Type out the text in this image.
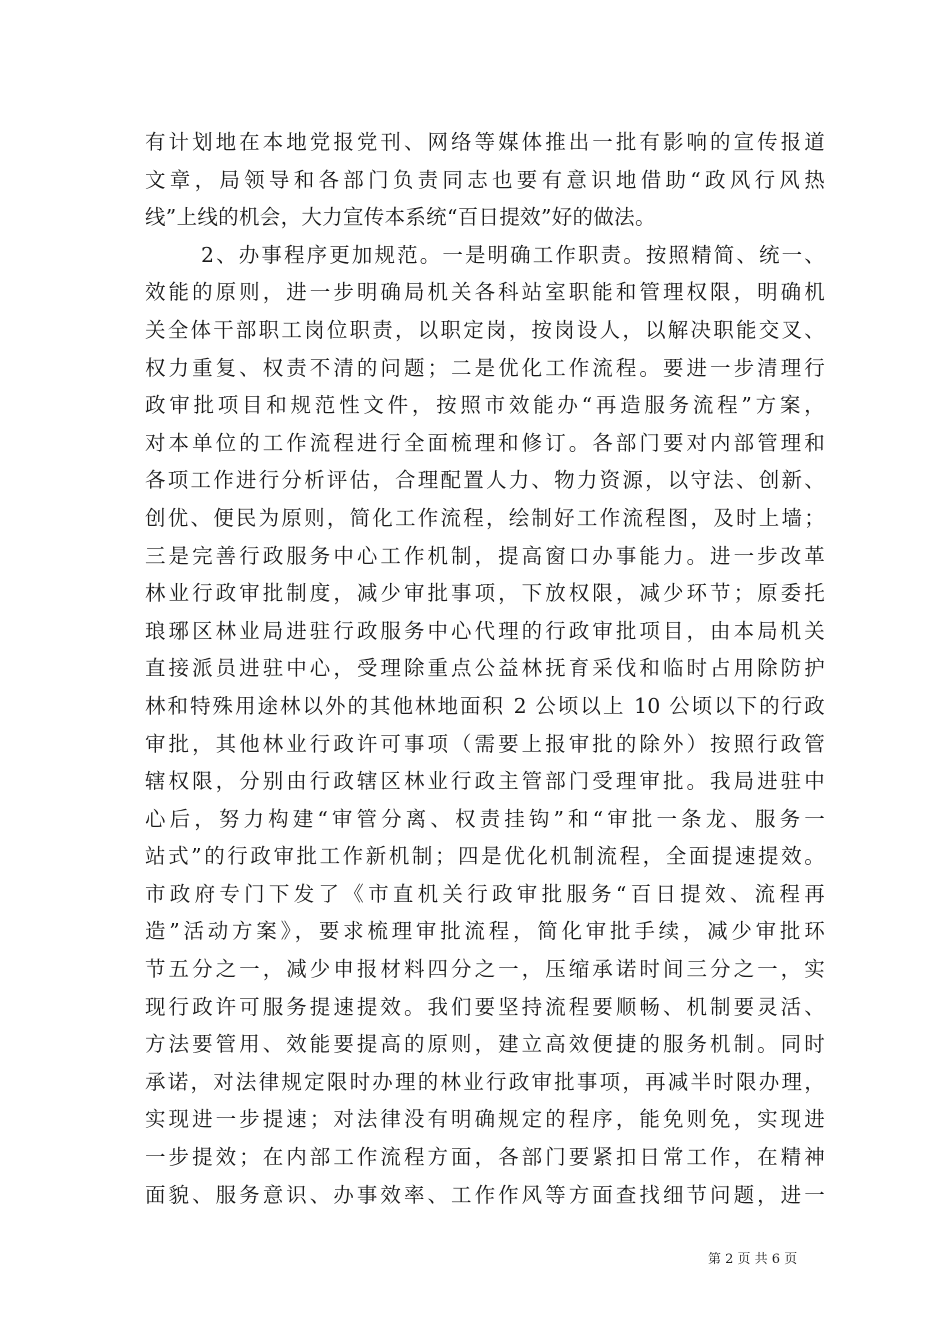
有计划地在本地党报党刊、网络等媒体推出一批有影响的宣传报道
文章，局领导和各部门负责同志也要有意识地借助“政风行风热
线”上线的机会，大力宣传本系统“百日提效”好的做法。
2、办事程序更加规范。一是明确工作职责。按照精简、统一、
效能的原则，进一步明确局机关各科站室职能和管理权限，明确机
关全体干部职工岗位职责，以职定岗，按岗设人，以解决职能交叉、
权力重复、权责不清的问题；二是优化工作流程。要进一步清理行
政审批项目和规范性文件，按照市效能办“再造服务流程”方案，
对本单位的工作流程进行全面梳理和修订。各部门要对内部管理和
各项工作进行分析评估，合理配置人力、物力资源，以守法、创新、
创优、便民为原则，简化工作流程，绘制好工作流程图，及时上墙；
三是完善行政服务中心工作机制，提高窗口办事能力。进一步改革
林业行政审批制度，减少审批事项，下放权限，减少环节；原委托
琅琊区林业局进驻行政服务中心代理的行政审批项目，由本局机关
直接派员进驻中心，受理除重点公益林抚育采伐和临时占用除防护
林和特殊用途林以外的其他林地面积 2 公顷以上 10 公顷以下的行政
审批，其他林业行政许可事项（需要上报审批的除外）按照行政管
辖权限，分别由行政辖区林业行政主管部门受理审批。我局进驻中
心后，努力构建“审管分离、权责挂钩”和“审批一条龙、服务一
站式”的行政审批工作新机制；四是优化机制流程，全面提速提效。
市政府专门下发了《市直机关行政审批服务“百日提效、流程再
造”活动方案》，要求梳理审批流程，简化审批手续，减少审批环
节五分之一，减少申报材料四分之一，压缩承诺时间三分之一，实
现行政许可服务提速提效。我们要坚持流程要顺畅、机制要灵活、
方法要管用、效能要提高的原则，建立高效便捷的服务机制。同时
承诺，对法律规定限时办理的林业行政审批事项，再减半时限办理，
实现进一步提速；对法律没有明确规定的程序，能免则免，实现进
一步提效；在内部工作流程方面，各部门要紧扣日常工作，在精神
面貌、服务意识、办事效率、工作作风等方面查找细节问题，进一
第 2 页 共 6 页
